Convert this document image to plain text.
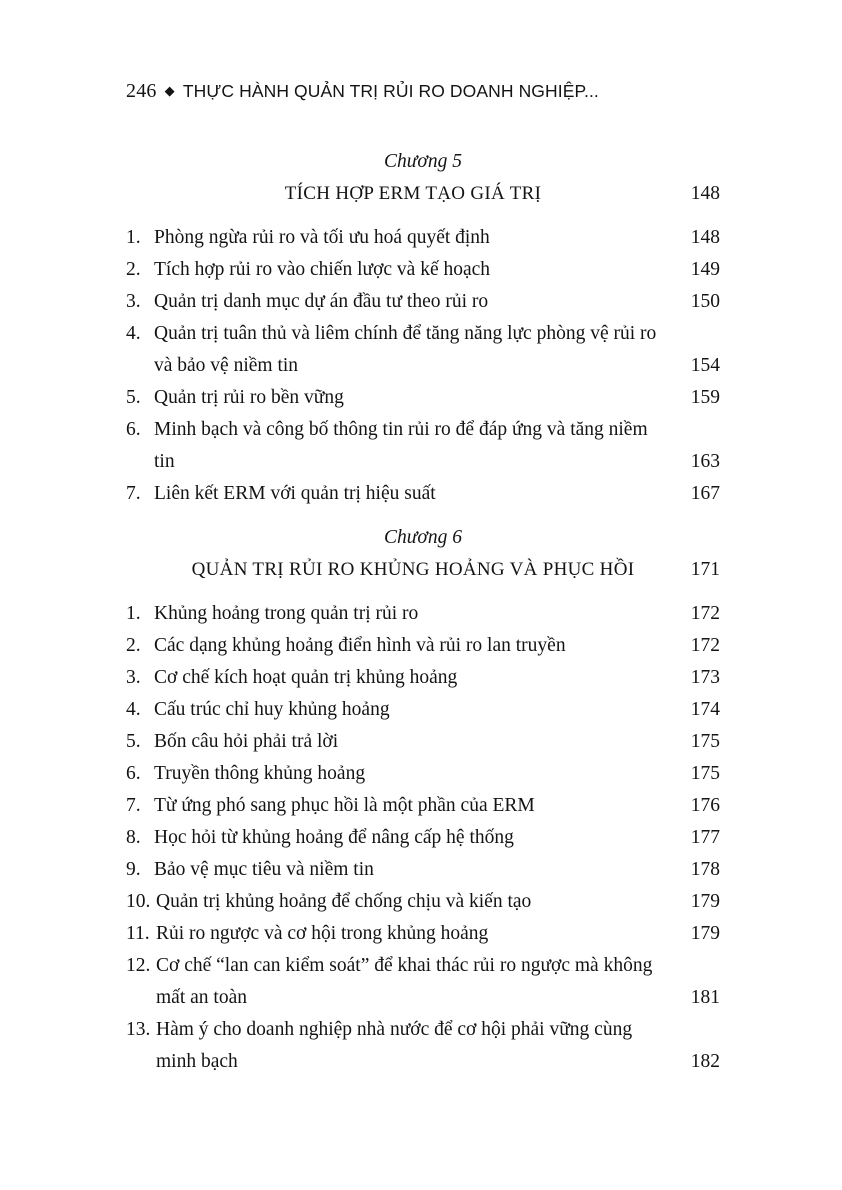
246 ◆ THỰC HÀNH QUẢN TRỊ RỦI RO DOANH NGHIỆP...
Chương 5
TÍCH HỢP ERM TẠO GIÁ TRỊ	148
1. Phòng ngừa rủi ro và tối ưu hoá quyết định	148
2. Tích hợp rủi ro vào chiến lược và kế hoạch	149
3. Quản trị danh mục dự án đầu tư theo rủi ro	150
4. Quản trị tuân thủ và liêm chính để tăng năng lực phòng vệ rủi ro và bảo vệ niềm tin	154
5. Quản trị rủi ro bền vững	159
6. Minh bạch và công bố thông tin rủi ro để đáp ứng và tăng niềm tin	163
7. Liên kết ERM với quản trị hiệu suất	167
Chương 6
QUẢN TRỊ RỦI RO KHỦNG HOẢNG VÀ PHỤC HỒI	171
1. Khủng hoảng trong quản trị rủi ro	172
2. Các dạng khủng hoảng điển hình và rủi ro lan truyền	172
3. Cơ chế kích hoạt quản trị khủng hoảng	173
4. Cấu trúc chỉ huy khủng hoảng	174
5. Bốn câu hỏi phải trả lời	175
6. Truyền thông khủng hoảng	175
7. Từ ứng phó sang phục hồi là một phần của ERM	176
8. Học hỏi từ khủng hoảng để nâng cấp hệ thống	177
9. Bảo vệ mục tiêu và niềm tin	178
10. Quản trị khủng hoảng để chống chịu và kiến tạo	179
11. Rủi ro ngược và cơ hội trong khủng hoảng	179
12. Cơ chế “lan can kiểm soát” để khai thác rủi ro ngược mà không mất an toàn	181
13. Hàm ý cho doanh nghiệp nhà nước để cơ hội phải vững cùng minh bạch	182
